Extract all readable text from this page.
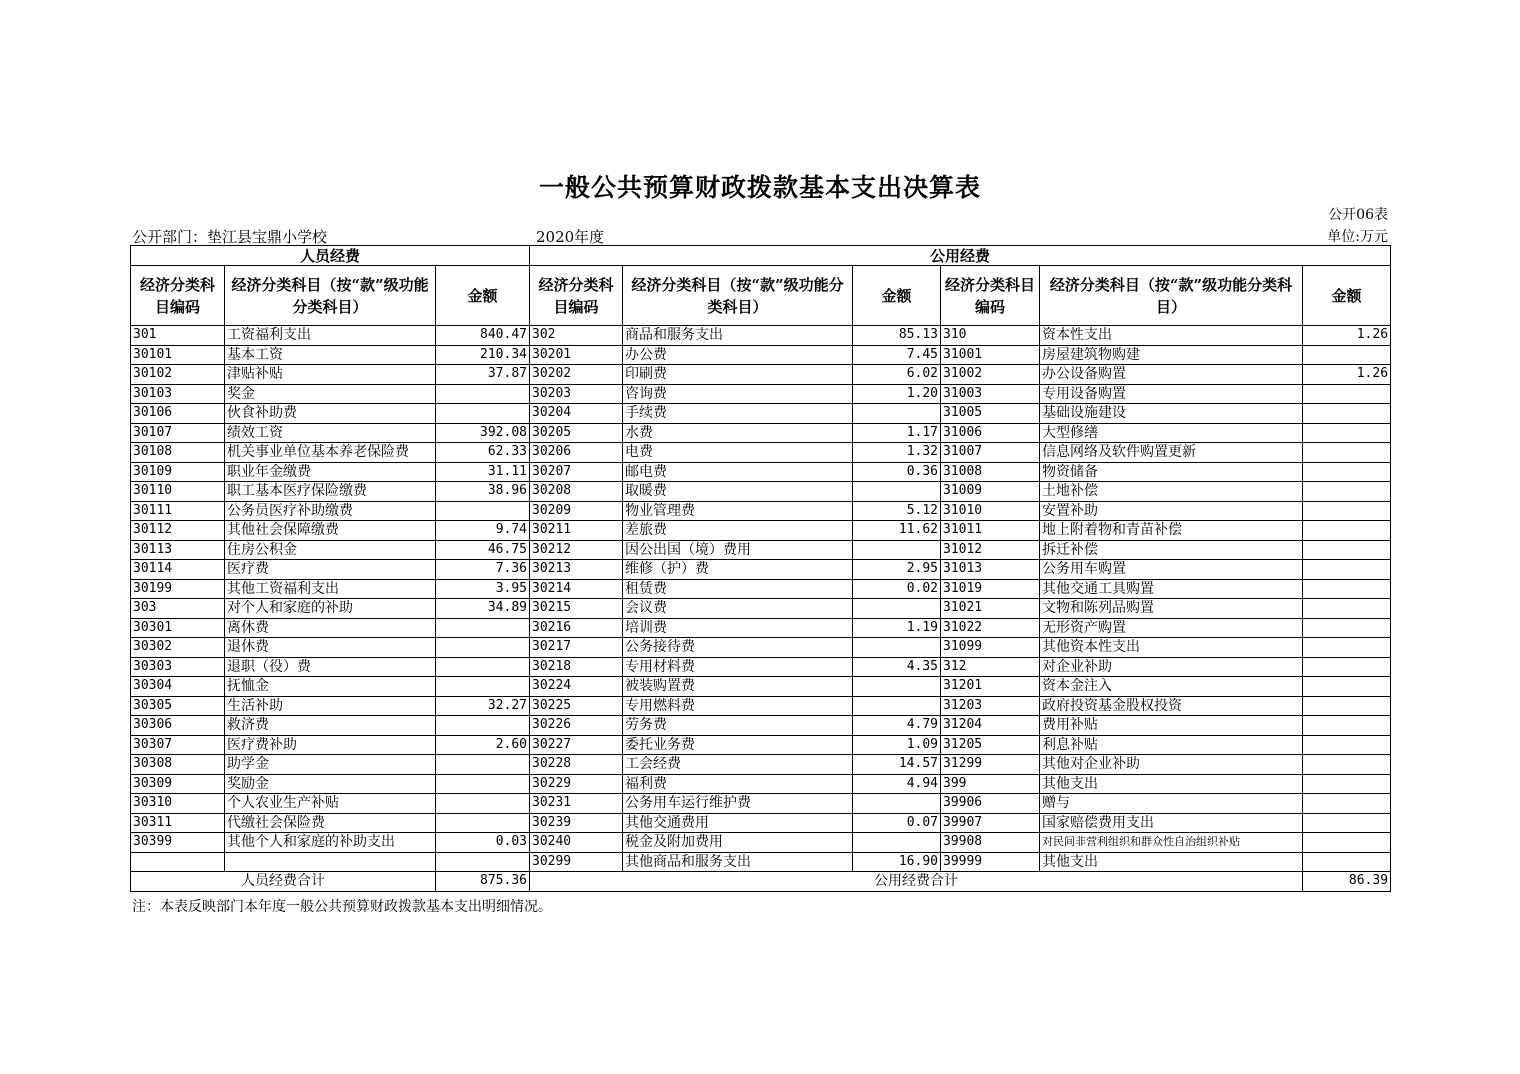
一般公共预算财政拨款基本支出决算表
公开06表
公开部门：垫江县宝鼎小学校	2020年度	单位:万元
人员经费			公用经费					
经济分类科目编码	经济分类科目（按“款”级功能分类科目）	金额	经济分类科目编码	经济分类科目（按“款”级功能分类科目）	金额	经济分类科目编码	经济分类科目（按“款”级功能分类科目）	金额
301	工资福利支出	840.47	302	商品和服务支出	85.13	310	资本性支出	1.26
30101	基本工资	210.34	30201	办公费	7.45	31001	房屋建筑物购建	
30102	津贴补贴	37.87	30202	印刷费	6.02	31002	办公设备购置	1.26
30103	奖金		30203	咨询费	1.20	31003	专用设备购置	
30106	伙食补助费		30204	手续费		31005	基础设施建设	
30107	绩效工资	392.08	30205	水费	1.17	31006	大型修缮	
30108	机关事业单位基本养老保险费	62.33	30206	电费	1.32	31007	信息网络及软件购置更新	
30109	职业年金缴费	31.11	30207	邮电费	0.36	31008	物资储备	
30110	职工基本医疗保险缴费	38.96	30208	取暖费		31009	土地补偿	
30111	公务员医疗补助缴费		30209	物业管理费	5.12	31010	安置补助	
30112	其他社会保障缴费	9.74	30211	差旅费	11.62	31011	地上附着物和青苗补偿	
30113	住房公积金	46.75	30212	因公出国（境）费用		31012	拆迁补偿	
30114	医疗费	7.36	30213	维修（护）费	2.95	31013	公务用车购置	
30199	其他工资福利支出	3.95	30214	租赁费	0.02	31019	其他交通工具购置	
303	对个人和家庭的补助	34.89	30215	会议费		31021	文物和陈列品购置	
30301	离休费		30216	培训费	1.19	31022	无形资产购置	
30302	退休费		30217	公务接待费		31099	其他资本性支出	
30303	退职（役）费		30218	专用材料费	4.35	312	对企业补助	
30304	抚恤金		30224	被装购置费		31201	资本金注入	
30305	生活补助	32.27	30225	专用燃料费		31203	政府投资基金股权投资	
30306	救济费		30226	劳务费	4.79	31204	费用补贴	
30307	医疗费补助	2.60	30227	委托业务费	1.09	31205	利息补贴	
30308	助学金		30228	工会经费	14.57	31299	其他对企业补助	
30309	奖励金		30229	福利费	4.94	399	其他支出	
30310	个人农业生产补贴		30231	公务用车运行维护费		39906	赠与	
30311	代缴社会保险费		30239	其他交通费用	0.07	39907	国家赔偿费用支出	
30399	其他个人和家庭的补助支出	0.03	30240	税金及附加费用		39908	对民间非营利组织和群众性自治组织补贴	
			30299	其他商品和服务支出	16.90	39999	其他支出	
人员经费合计		875.36	公用经费合计					86.39
注：本表反映部门本年度一般公共预算财政拨款基本支出明细情况。
